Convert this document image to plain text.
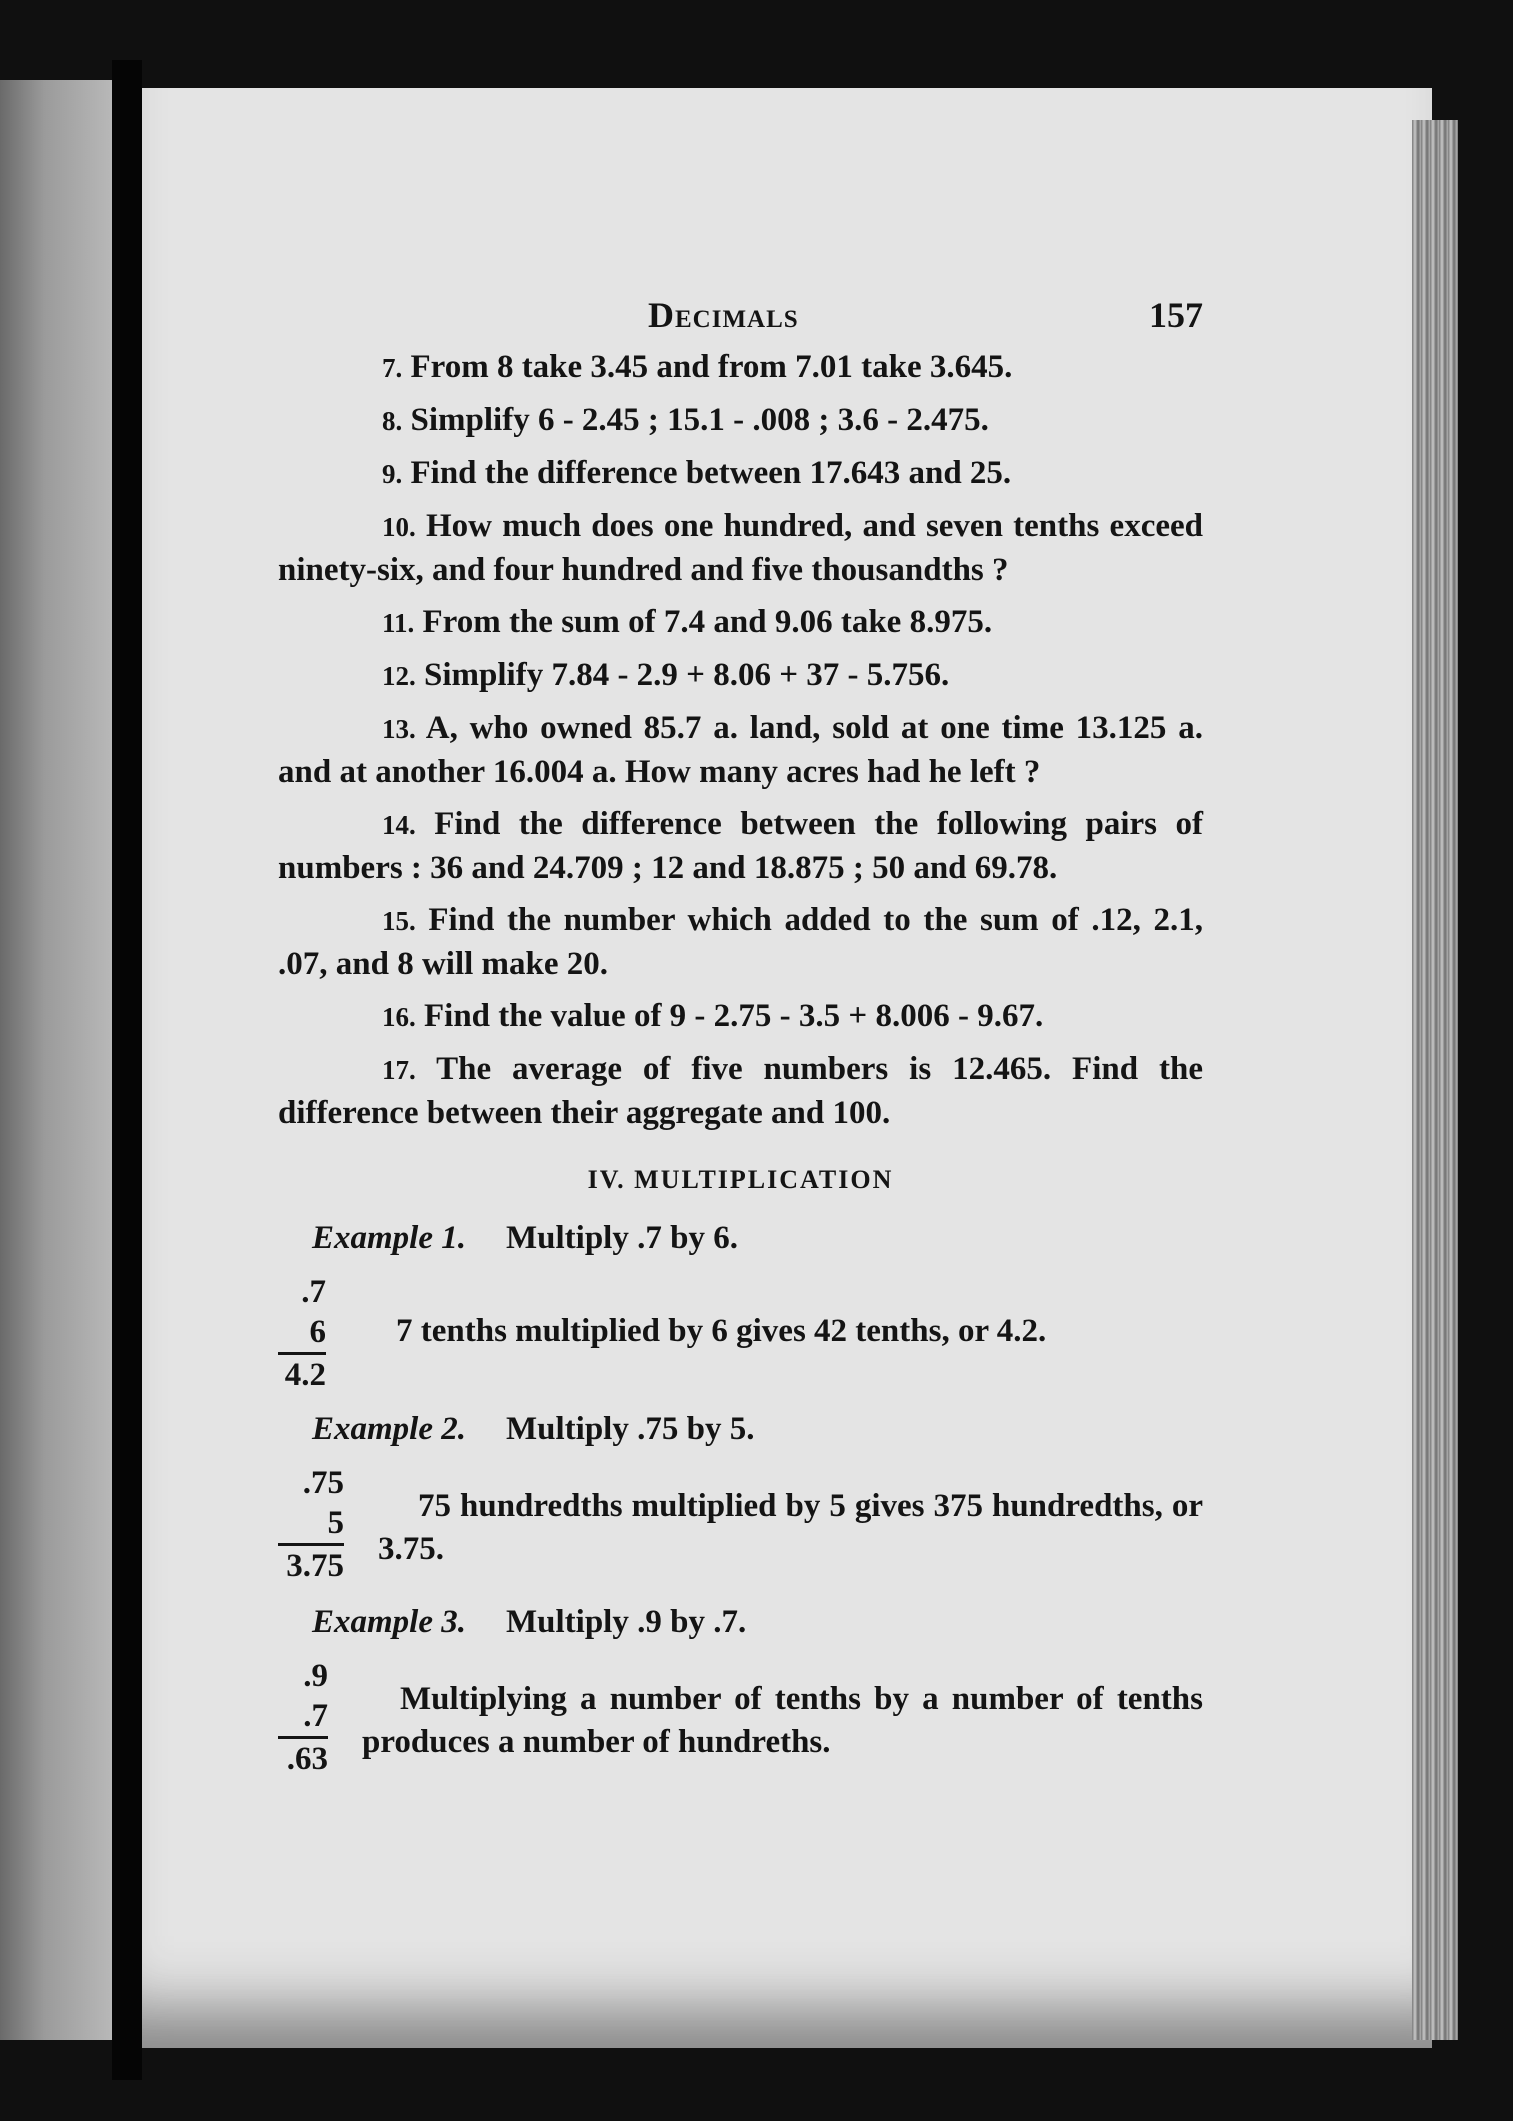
Decimals	157

7. From 8 take 3.45 and from 7.01 take 3.645.

8. Simplify 6 - 2.45 ; 15.1 - .008 ; 3.6 - 2.475.

9. Find the difference between 17.643 and 25.

10. How much does one hundred, and seven tenths exceed ninety-six, and four hundred and five thousandths ?

11. From the sum of 7.4 and 9.06 take 8.975.

12. Simplify 7.84 - 2.9 + 8.06 + 37 - 5.756.

13. A, who owned 85.7 a. land, sold at one time 13.125 a. and at another 16.004 a. How many acres had he left ?

14. Find the difference between the following pairs of numbers : 36 and 24.709 ; 12 and 18.875 ; 50 and 69.78.

15. Find the number which added to the sum of .12, 2.1, .07, and 8 will make 20.

16. Find the value of 9 - 2.75 - 3.5 + 8.006 - 9.67.

17. The average of five numbers is 12.465. Find the difference between their aggregate and 100.

IV. MULTIPLICATION
Example 1. Multiply .7 by 6.
.7
6
4.2
7 tenths multiplied by 6 gives 42 tenths, or 4.2.
Example 2. Multiply .75 by 5.
.75
5
3.75
75 hundredths multiplied by 5 gives 375 hundredths, or 3.75.
Example 3. Multiply .9 by .7.
.9
.7
.63
Multiplying a number of tenths by a number of tenths produces a number of hundreths.
